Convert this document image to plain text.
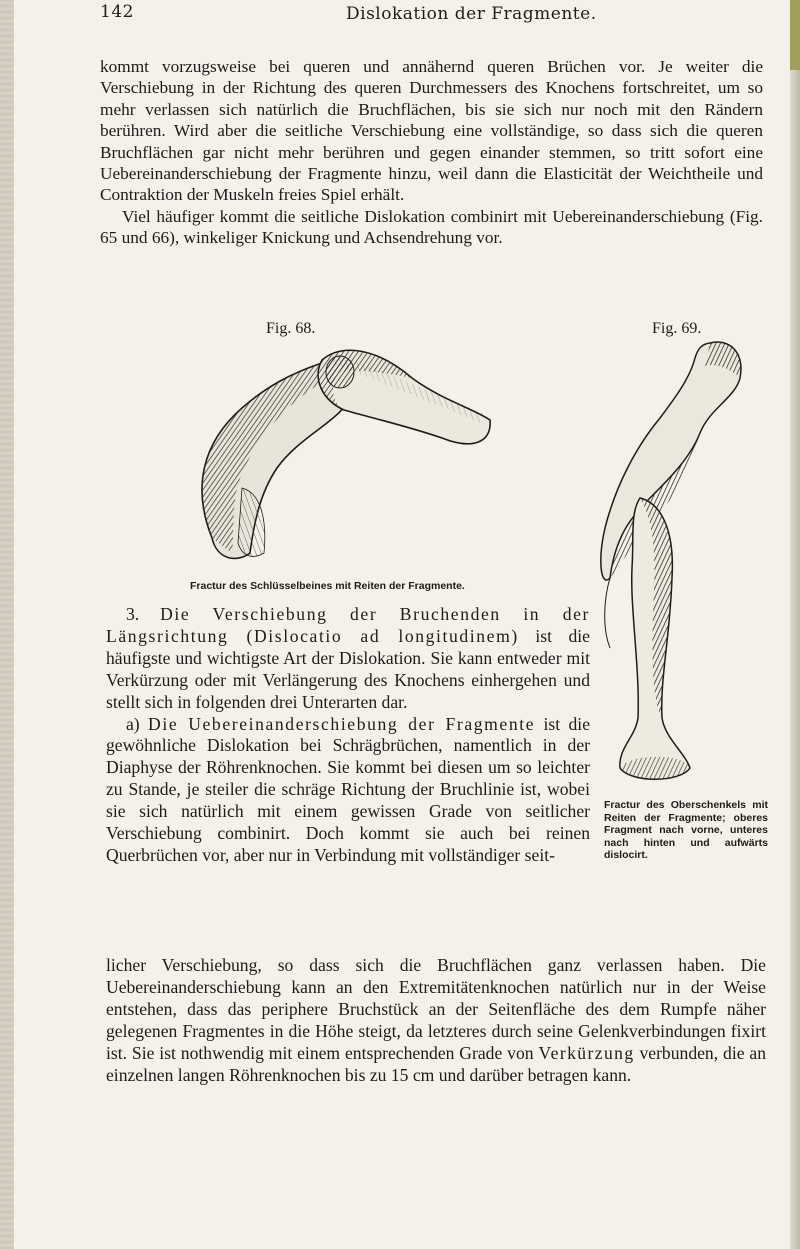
142	Dislokation der Fragmente.
kommt vorzugsweise bei queren und annähernd queren Brüchen vor. Je weiter die Verschiebung in der Richtung des queren Durchmessers des Knochens fortschreitet, um so mehr verlassen sich natürlich die Bruchflächen, bis sie sich nur noch mit den Rändern berühren. Wird aber die seitliche Verschiebung eine vollständige, so dass sich die queren Bruchflächen gar nicht mehr berühren und gegen einander stemmen, so tritt sofort eine Uebereinanderschiebung der Fragmente hinzu, weil dann die Elasticität der Weichtheile und Contraktion der Muskeln freies Spiel erhält.
Viel häufiger kommt die seitliche Dislokation combinirt mit Uebereinanderschiebung (Fig. 65 und 66), winkeliger Knickung und Achsendrehung vor.
Fig. 68.	Fig. 69.
Fractur des Schlüsselbeines mit Reiten der Fragmente.
Fractur des Oberschenkels mit Reiten der Fragmente; oberes Fragment nach vorne, unteres nach hinten und aufwärts dislocirt.
3. Die Verschiebung der Bruchenden in der Längsrichtung (Dislocatio ad longitudinem) ist die häufigste und wichtigste Art der Dislokation. Sie kann entweder mit Verkürzung oder mit Verlängerung des Knochens einhergehen und stellt sich in folgenden drei Unterarten dar.
a) Die Uebereinanderschiebung der Fragmente ist die gewöhnliche Dislokation bei Schrägbrüchen, namentlich in der Diaphyse der Röhrenknochen. Sie kommt bei diesen um so leichter zu Stande, je steiler die schräge Richtung der Bruchlinie ist, wobei sie sich natürlich mit einem gewissen Grade von seitlicher Verschiebung combinirt. Doch kommt sie auch bei reinen Querbrüchen vor, aber nur in Verbindung mit vollständiger seit-
licher Verschiebung, so dass sich die Bruchflächen ganz verlassen haben. Die Uebereinanderschiebung kann an den Extremitätenknochen natürlich nur in der Weise entstehen, dass das periphere Bruchstück an der Seitenfläche des dem Rumpfe näher gelegenen Fragmentes in die Höhe steigt, da letzteres durch seine Gelenkverbindungen fixirt ist. Sie ist nothwendig mit einem entsprechenden Grade von Verkürzung verbunden, die an einzelnen langen Röhrenknochen bis zu 15 cm und darüber betragen kann.
